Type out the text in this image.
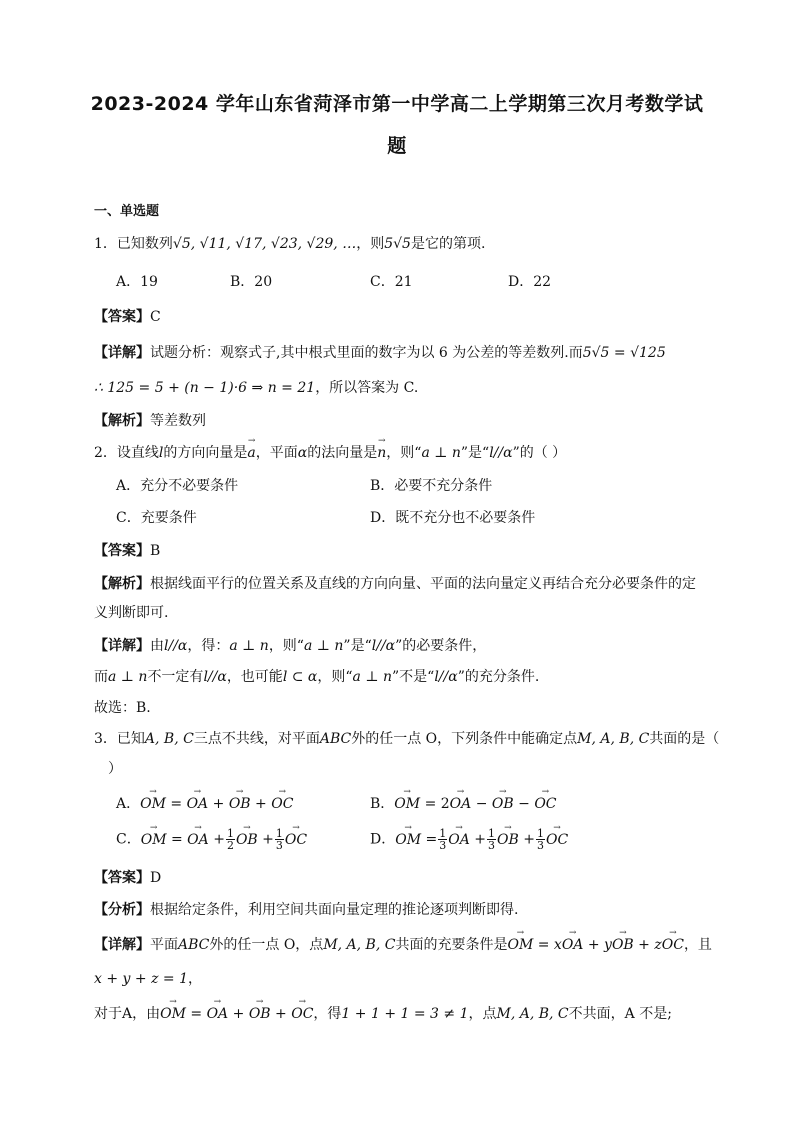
2023-2024 学年山东省菏泽市第一中学高二上学期第三次月考数学试
题
一、单选题
1．已知数列√5, √11, √17, √23, √29, …，则5√5是它的第项.
A．19	B．20	C．21	D．22
【答案】C
【详解】试题分析：观察式子,其中根式里面的数字为以 6 为公差的等差数列.而5√5 = √125
∴ 125 = 5 + (n − 1)·6 ⇒ n = 21，所以答案为 C.
【解析】等差数列
2．设直线l的方向向量是→ a，平面α的法向量是→ n，则“a ⊥ n”是“l//α”的（ ）
A．充分不必要条件	B．必要不充分条件
C．充要条件	D．既不充分也不必要条件
【答案】B
【解析】根据线面平行的位置关系及直线的方向向量、平面的法向量定义再结合充分必要条件的定
义判断即可.
【详解】由l//α，得：a ⊥ n，则“a ⊥ n”是“l//α”的必要条件，
而a ⊥ n不一定有l//α，也可能l ⊂ α，则“a ⊥ n”不是“l//α”的充分条件.
故选：B.
3．已知A, B, C三点不共线，对平面ABC外的任一点 O，下列条件中能确定点M, A, B, C共面的是（
）
A．→ OM = → OA + → OB + → OC	B．→ OM = 2→ OA − → OB − → OC
C．→ OM = → OA + $\frac{1}{2}$ → OB + $\frac{1}{3}$ → OC	D．→ OM = $\frac{1}{3}$ → OA + $\frac{1}{3}$ → OB + $\frac{1}{3}$ → OC
【答案】D
【分析】根据给定条件，利用空间共面向量定理的推论逐项判断即得.
【详解】平面ABC外的任一点 O，点M, A, B, C共面的充要条件是→ OM = x→ OA + y→ OB + z→ OC，且
x + y + z = 1，
对于A，由→ OM = → OA + → OB + → OC，得1 + 1 + 1 = 3 ≠ 1，点M, A, B, C不共面，A 不是;
